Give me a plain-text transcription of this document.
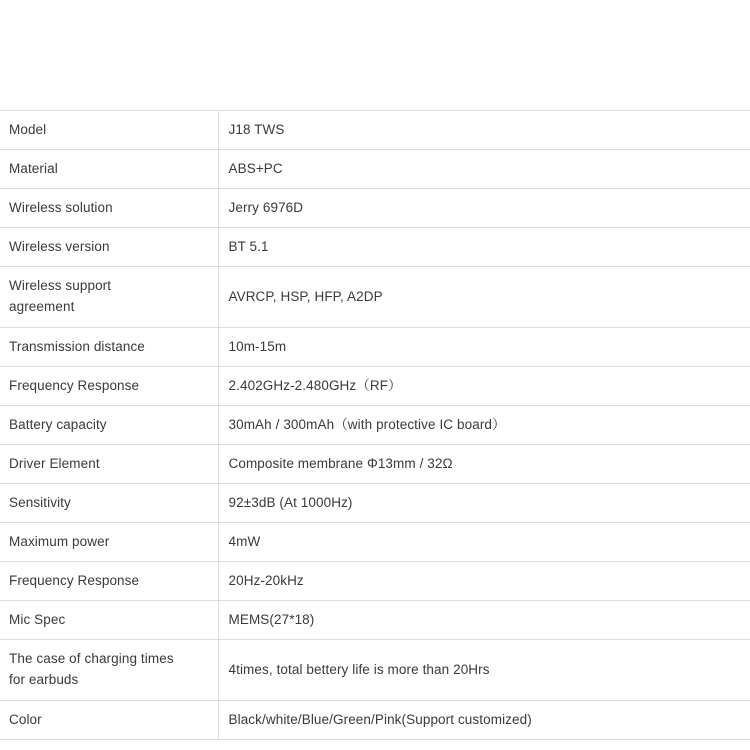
Model	J18 TWS
Material	ABS+PC
Wireless solution	Jerry 6976D
Wireless version	BT 5.1

Wireless support
agreement	AVRCP, HSP, HFP, A2DP
Transmission distance	10m-15m
Frequency Response	2.402GHz-2.480GHz（RF）
Battery capacity	30mAh / 300mAh（with protective IC board）
Driver Element	Composite membrane Φ13mm / 32Ω
Sensitivity	92±3dB (At 1000Hz)
Maximum power	4mW
Frequency Response	20Hz-20kHz
Mic Spec	MEMS(27*18)

The case of charging times
for earbuds	4times, total bettery life is more than 20Hrs
Color	Black/white/Blue/Green/Pink(Support customized)
